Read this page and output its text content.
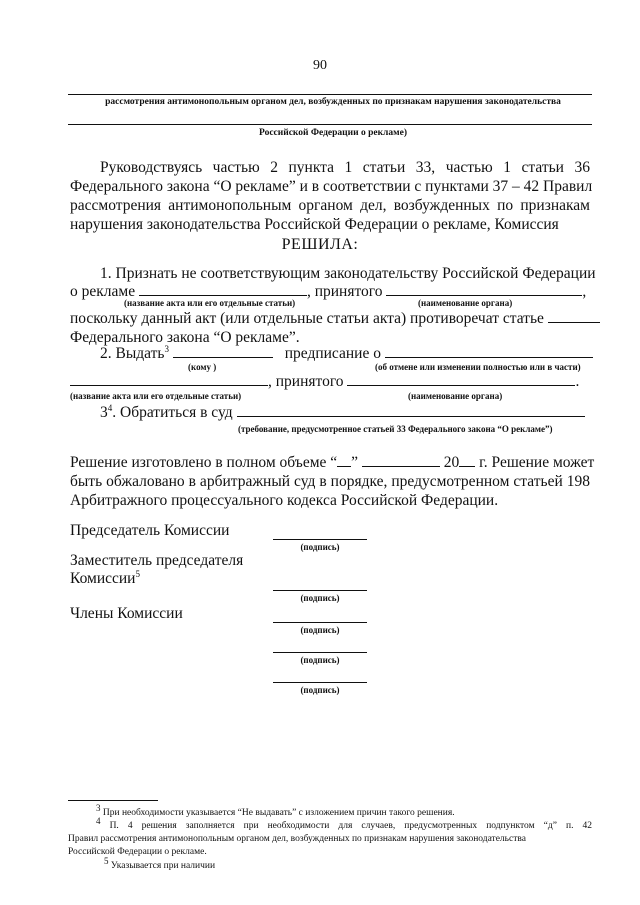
90
рассмотрения антимонопольным органом дел, возбужденных по признакам нарушения законодательства
Российской Федерации о рекламе)
Руководствуясь частью 2 пункта 1 статьи 33, частью 1 статьи 36
Федерального закона “О рекламе” и в соответствии с пунктами 37 – 42 Правил
рассмотрения антимонопольным органом дел, возбужденных по признакам
нарушения законодательства Российской Федерации о рекламе, Комиссия
РЕШИЛА:
1. Признать не соответствующим законодательству Российской Федерации
о рекламе	, принятого	,
(название акта или его отдельные статьи)	(наименование органа)
поскольку данный акт (или отдельные статьи акта) противоречат статье
Федерального закона “О рекламе”.
2. Выдать$^3$	предписание о
(кому )	(об отмене или изменении полностью или в части)
, принятого	.
(название акта или его отдельные статьи)	(наименование органа)
$3^4$. Обратиться в суд
(требование, предусмотренное статьей 33 Федерального закона “О рекламе”)
Решение изготовлено в полном объеме “ ”	20 г. Решение может
быть обжаловано в арбитражный суд в порядке, предусмотренном статьей 198
Арбитражного процессуального кодекса Российской Федерации.
Председатель Комиссии
(подпись)
Заместитель председателя
Комиссии$^5$
(подпись)
Члены Комиссии
(подпись)
(подпись)
(подпись)
$^3$ При необходимости указывается “Не выдавать” с изложением причин такого решения.
$^4$ П. 4 решения заполняется при необходимости для случаев, предусмотренных подпунктом “д” п. 42
Правил рассмотрения антимонопольным органом дел, возбужденных по признакам нарушения законодательства
Российской Федерации о рекламе.
$^5$ Указывается при наличии
